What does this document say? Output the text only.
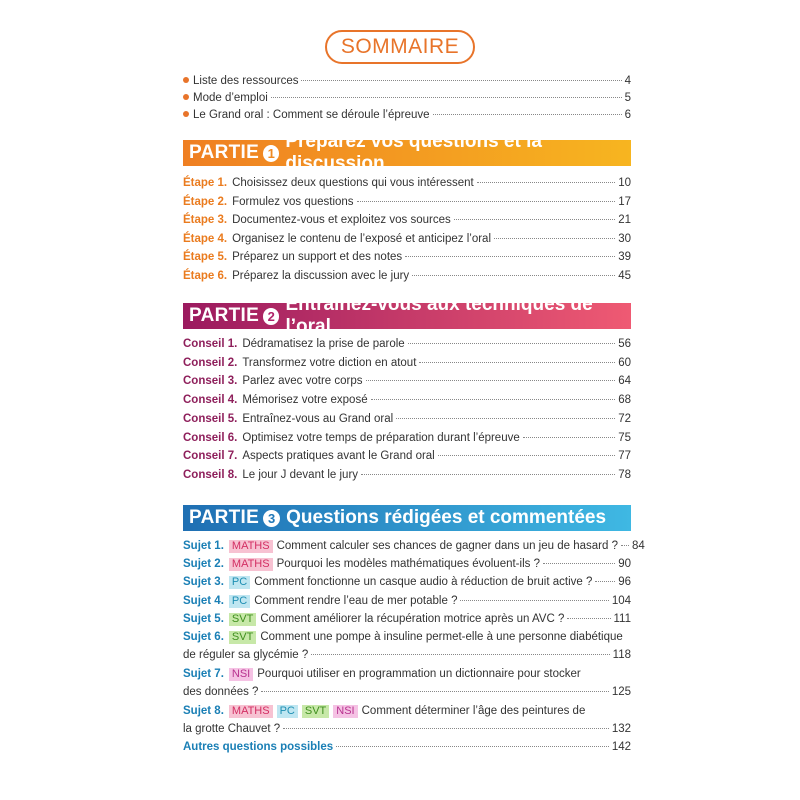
SOMMAIRE
Liste des ressources	4
Mode d’emploi	5
Le Grand oral : Comment se déroule l’épreuve	6
PARTIE 1
Préparez vos questions et la discussion
Étape 1. Choisissez deux questions qui vous intéressent	10
Étape 2. Formulez vos questions	17
Étape 3. Documentez-vous et exploitez vos sources	21
Étape 4. Organisez le contenu de l’exposé et anticipez l’oral	30
Étape 5. Préparez un support et des notes	39
Étape 6. Préparez la discussion avec le jury	45
PARTIE 2
Entraînez-vous aux techniques de l’oral
Conseil 1. Dédramatisez la prise de parole	56
Conseil 2. Transformez votre diction en atout	60
Conseil 3. Parlez avec votre corps	64
Conseil 4. Mémorisez votre exposé	68
Conseil 5. Entraînez-vous au Grand oral	72
Conseil 6. Optimisez votre temps de préparation durant l’épreuve	75
Conseil 7. Aspects pratiques avant le Grand oral	77
Conseil 8. Le jour J devant le jury	78
PARTIE 3 Questions rédigées et commentées
Sujet 1. MATHS Comment calculer ses chances de gagner dans un jeu de hasard ? 84
Sujet 2. MATHS Pourquoi les modèles mathématiques évoluent-ils ?	90
Sujet 3. PC Comment fonctionne un casque audio à réduction de bruit active ? 96
Sujet 4. PC Comment rendre l’eau de mer potable ?	104
Sujet 5. SVT Comment améliorer la récupération motrice après un AVC ?	111
Sujet 6. SVT Comment une pompe à insuline permet-elle à une personne diabétique
de réguler sa glycémie ?	118
Sujet 7. NSI Pourquoi utiliser en programmation un dictionnaire pour stocker
des données ?	125
Sujet 8. MATHS PC SVT NSI Comment déterminer l’âge des peintures de
la grotte Chauvet ?	132
Autres questions possibles	142
